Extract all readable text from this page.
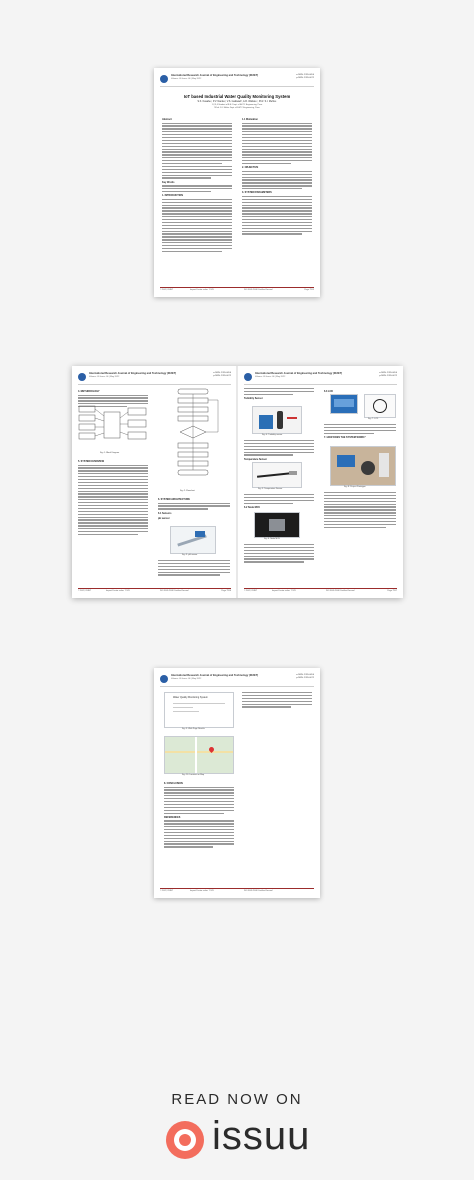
International Research Journal of Engineering and Technology (IRJET)
Volume: 09 Issue: 06 | May 2022
e-ISSN: 2395-0056
p-ISSN: 2395-0072
IoT based Industrial Water Quality Monitoring System
S.K. Kasabe¹, P.V. Nande², V.S. Gaikwad³, A.R. Wabare⁴, Prof. S.I. Mehta⁵
1,2,3,4 Student of B.E. Dept. of E&TC Engineering, Pune
5Prof. S.I. Mehta Dept. of E&TC Engineering, Pune
Abstract
Key Words
1. INTRODUCTION
1.1 Motivation
2. OBJECTIVE
3. SYSTEM PARAMETERS
© 2022, IRJET	Impact Factor value: 7.529	ISO 9001:2008 Certified Journal	Page 7955
International Research Journal of Engineering and Technology (IRJET)
Volume: 09 Issue: 06 | May 2022
e-ISSN: 2395-0056
p-ISSN: 2395-0072
4. METHODOLOGY
Fig -1: Block Diagram
5. SYSTEM OVERVIEW
Fig -2: Flowchart
6. SYSTEM ARCHITECTURE
6.1 Sensors
pH sensor
Fig -3: pH sensor
© 2022, IRJET	Impact Factor value: 7.529	ISO 9001:2008 Certified Journal	Page 7956
International Research Journal of Engineering and Technology (IRJET)
Volume: 09 Issue: 06 | May 2022
e-ISSN: 2395-0056
p-ISSN: 2395-0072
Turbidity Sensor
Fig -4: Turbidity sensor
Temperature Sensor
Fig -5: Temperature Sensor
6.2 Node MCU
Fig -6: Node MCU
6.3 LCD
Fig -7: LCD
7. HOW DOES THE SYSTEM WORK?
Fig -8: Project Prototype
© 2022, IRJET	Impact Factor value: 7.529	ISO 9001:2008 Certified Journal	Page 7957
International Research Journal of Engineering and Technology (IRJET)
Volume: 09 Issue: 06 | May 2022
e-ISSN: 2395-0056
p-ISSN: 2395-0072
Water Quality Monitoring System
Fig -9: Web Page Results
Fig -10: Location on Map
8. CONCLUSION
REFERENCES
© 2022, IRJET	Impact Factor value: 7.529	ISO 9001:2008 Certified Journal
READ NOW ON
issuu
